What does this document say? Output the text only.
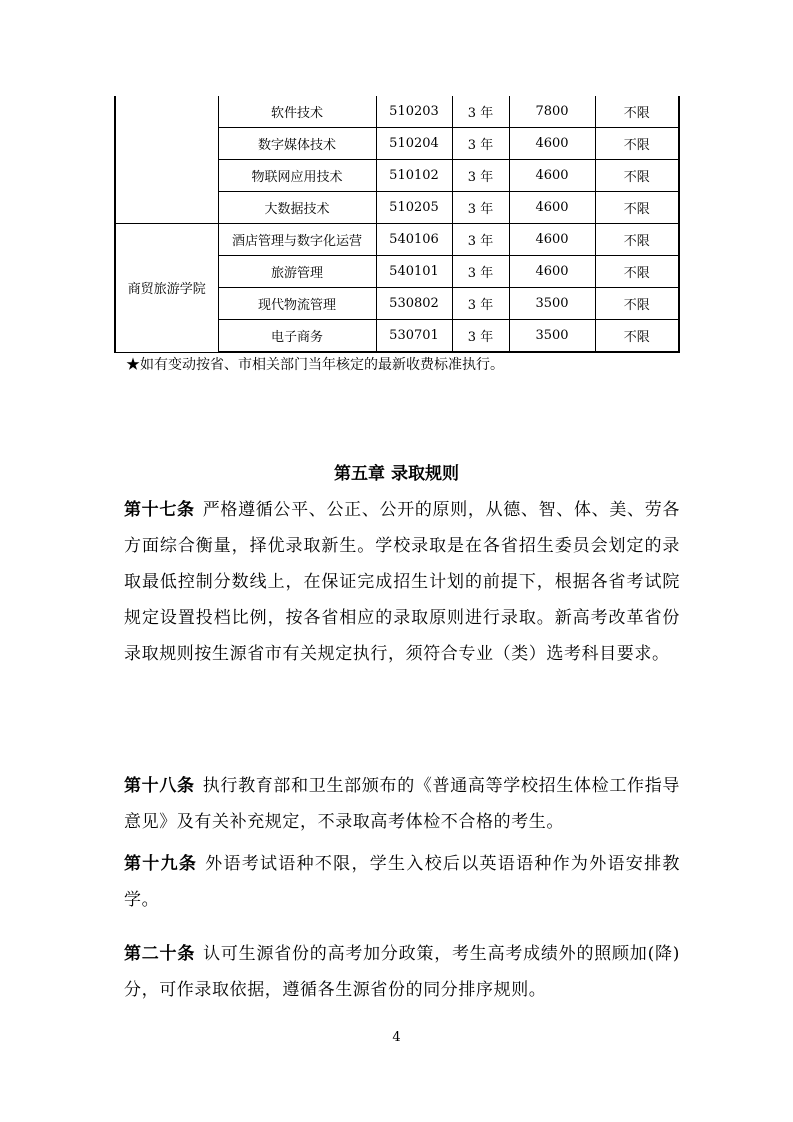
	软件技术	510203	3 年	7800	不限
	数字媒体技术	510204	3 年	4600	不限
	物联网应用技术	510102	3 年	4600	不限
	大数据技术	510205	3 年	4600	不限
商贸旅游学院	酒店管理与数字化运营	540106	3 年	4600	不限
	旅游管理	540101	3 年	4600	不限
	现代物流管理	530802	3 年	3500	不限
	电子商务	530701	3 年	3500	不限
★如有变动按省、市相关部门当年核定的最新收费标准执行。
第五章 录取规则

第十七条 严格遵循公平、公正、公开的原则，从德、智、体、美、劳各方面综合衡量，择优录取新生。学校录取是在各省招生委员会划定的录取最低控制分数线上，在保证完成招生计划的前提下，根据各省考试院规定设置投档比例，按各省相应的录取原则进行录取。新高考改革省份录取规则按生源省市有关规定执行，须符合专业（类）选考科目要求。

第十八条 执行教育部和卫生部颁布的《普通高等学校招生体检工作指导意见》及有关补充规定，不录取高考体检不合格的考生。

第十九条 外语考试语种不限，学生入校后以英语语种作为外语安排教学。

第二十条 认可生源省份的高考加分政策，考生高考成绩外的照顾加(降)分，可作录取依据，遵循各生源省份的同分排序规则。

4
